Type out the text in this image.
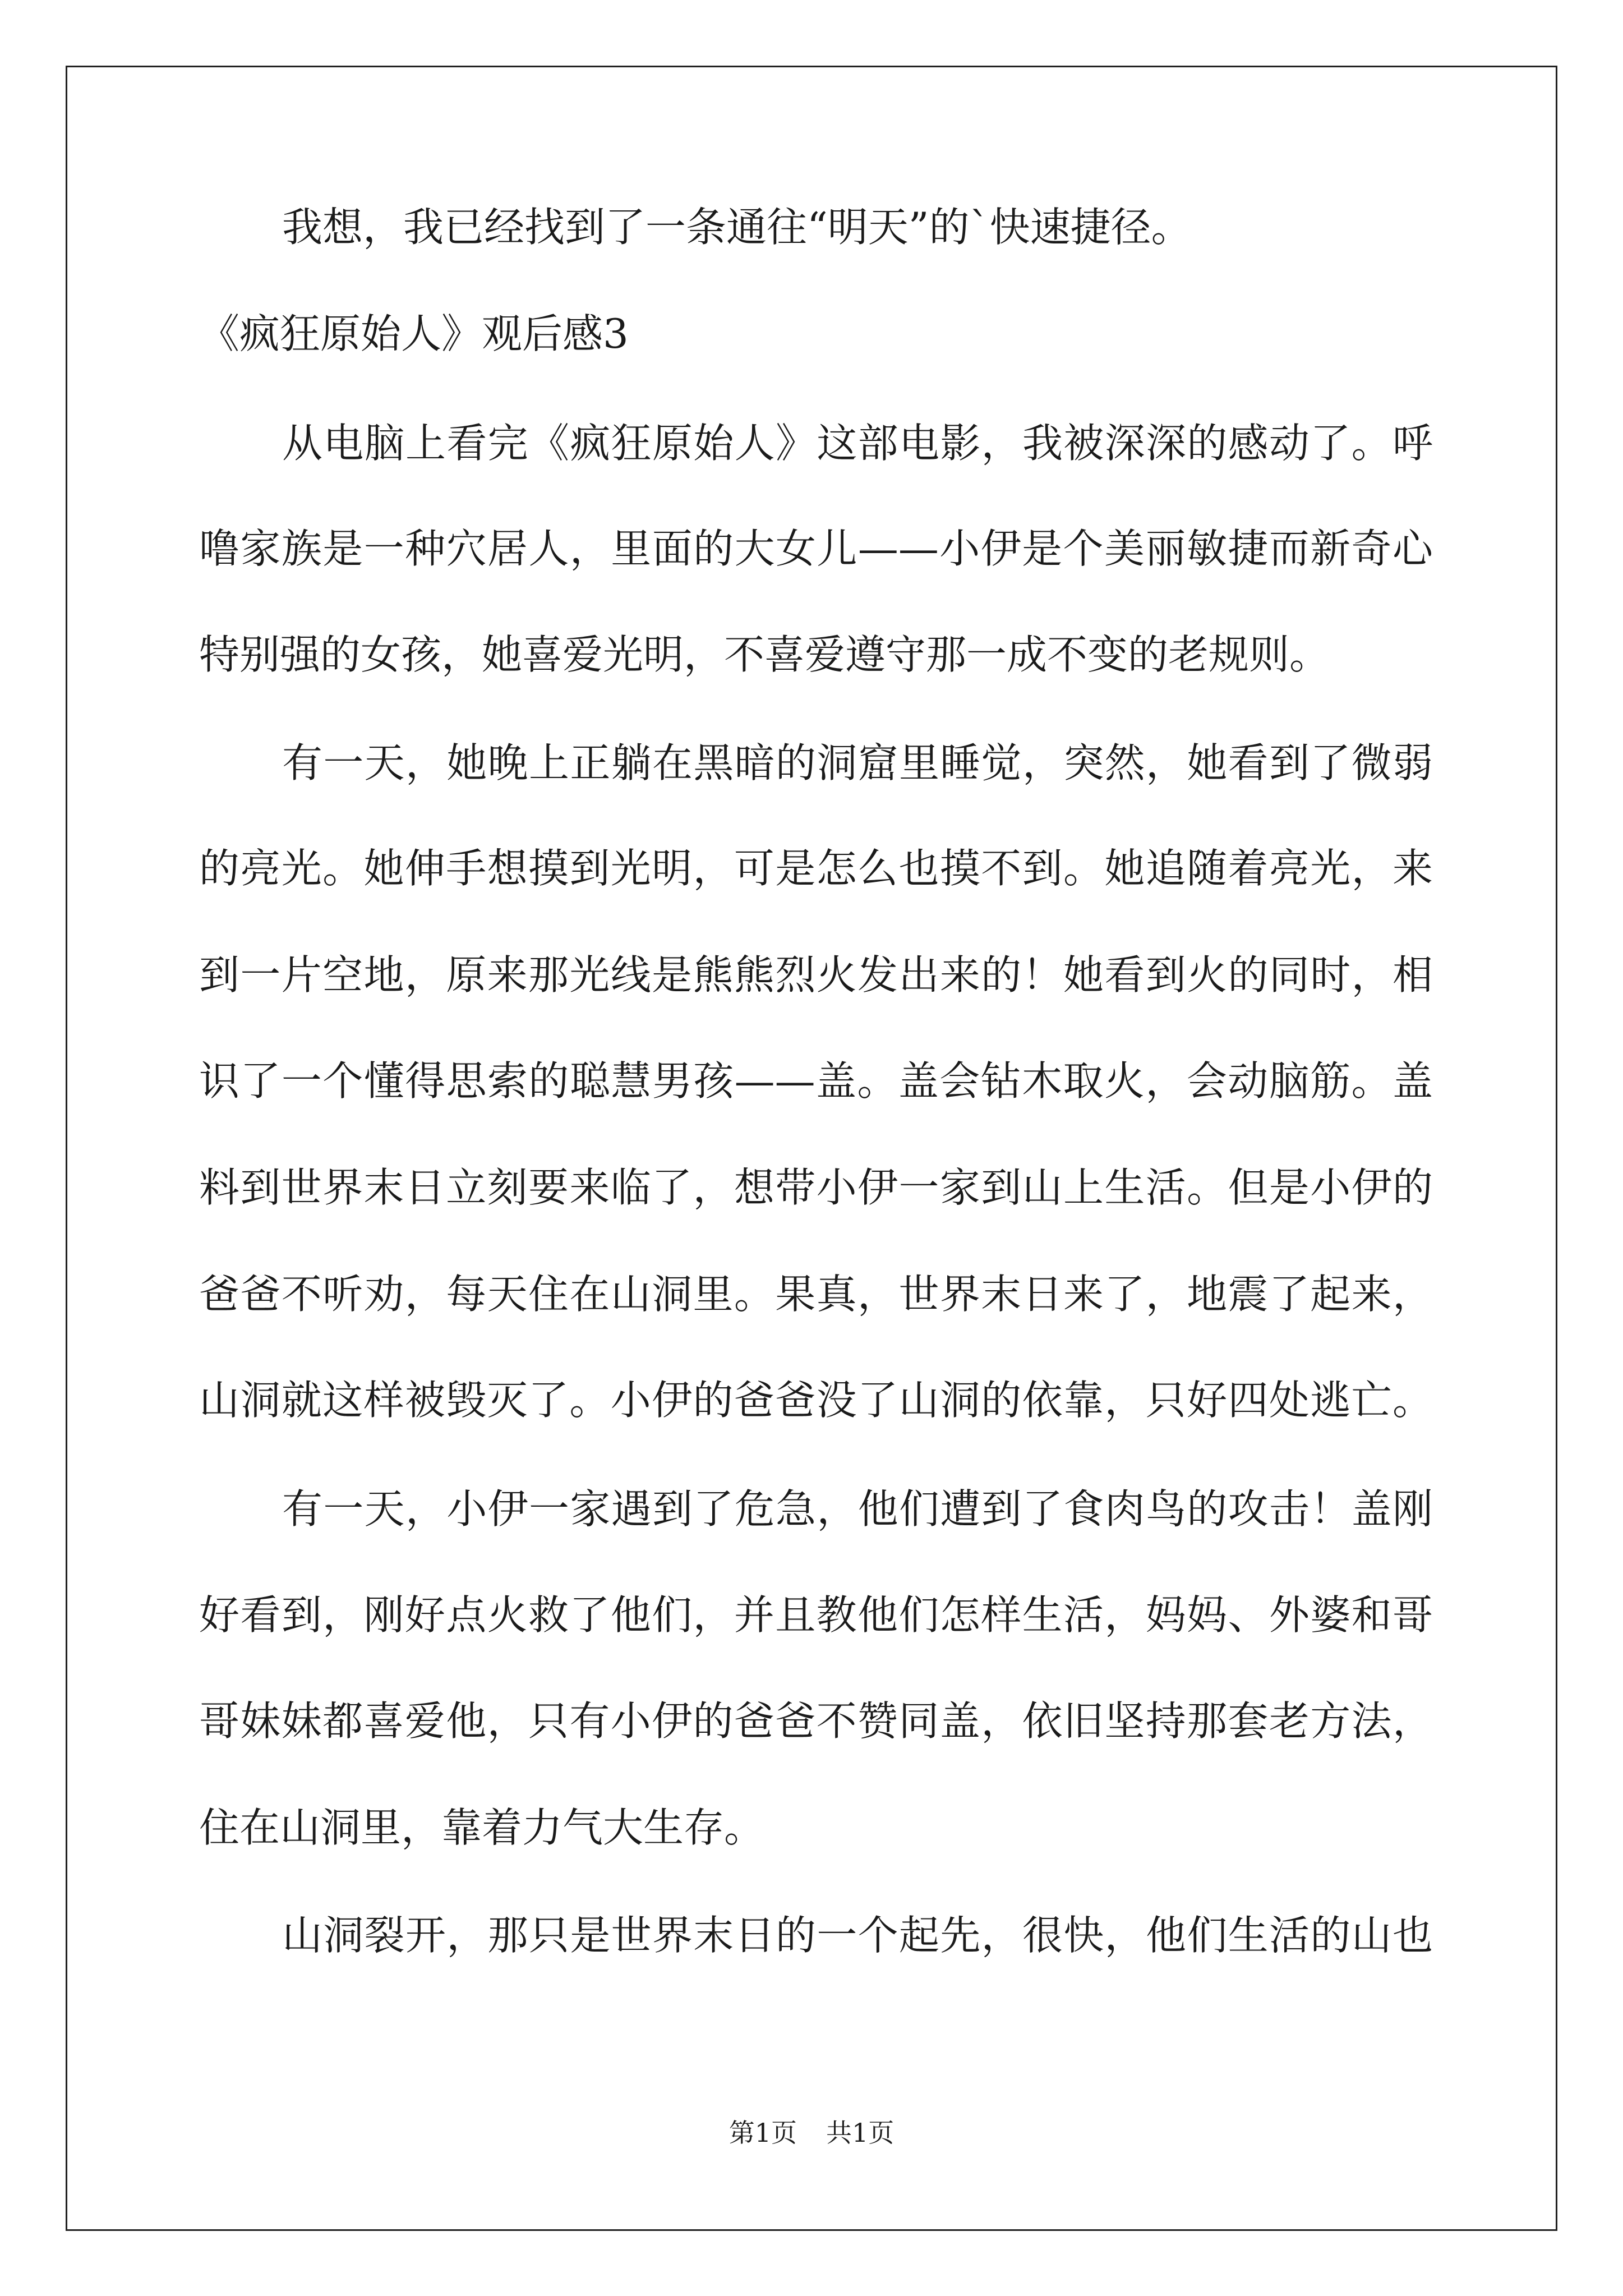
我想，我已经找到了一条通往“明天”的`快速捷径。
《疯狂原始人》观后感3
从电脑上看完《疯狂原始人》这部电影，我被深深的感动了。呼
噜家族是一种穴居人，里面的大女儿——小伊是个美丽敏捷而新奇心
特别强的女孩，她喜爱光明，不喜爱遵守那一成不变的老规则。
有一天，她晚上正躺在黑暗的洞窟里睡觉，突然，她看到了微弱
的亮光。她伸手想摸到光明，可是怎么也摸不到。她追随着亮光，来
到一片空地，原来那光线是熊熊烈火发出来的！她看到火的同时，相
识了一个懂得思索的聪慧男孩——盖。盖会钻木取火，会动脑筋。盖
料到世界末日立刻要来临了，想带小伊一家到山上生活。但是小伊的
爸爸不听劝，每天住在山洞里。果真，世界末日来了，地震了起来，
山洞就这样被毁灭了。小伊的爸爸没了山洞的依靠，只好四处逃亡。
有一天，小伊一家遇到了危急，他们遭到了食肉鸟的攻击！盖刚
好看到，刚好点火救了他们，并且教他们怎样生活，妈妈、外婆和哥
哥妹妹都喜爱他，只有小伊的爸爸不赞同盖，依旧坚持那套老方法，
住在山洞里，靠着力气大生存。
山洞裂开，那只是世界末日的一个起先，很快，他们生活的山也
第1页 共1页
